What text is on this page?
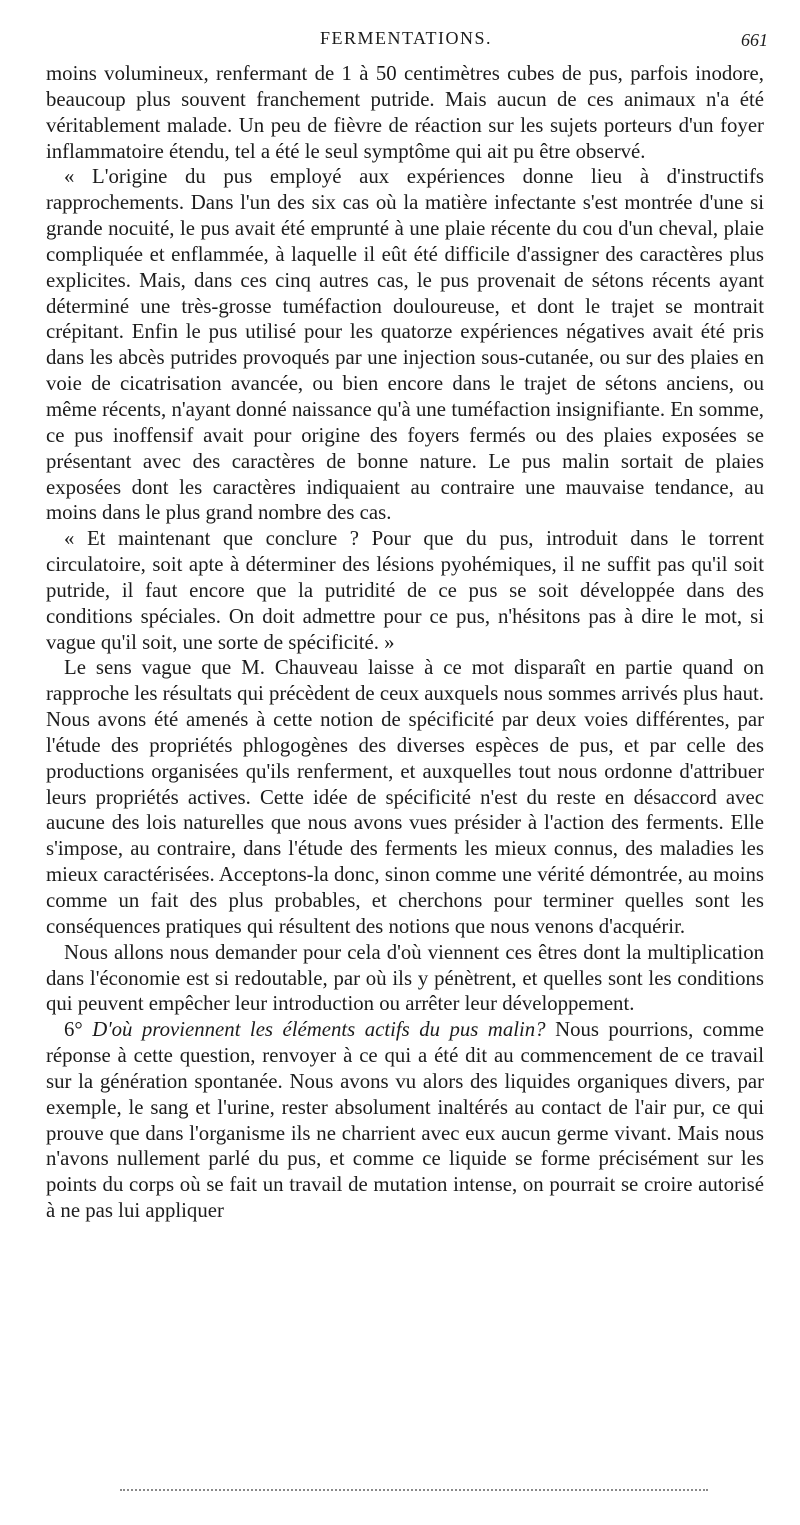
FERMENTATIONS.	661

moins volumineux, renfermant de 1 à 50 centimètres cubes de pus, parfois inodore, beaucoup plus souvent franchement putride. Mais aucun de ces animaux n'a été véritablement malade. Un peu de fièvre de réaction sur les sujets porteurs d'un foyer inflammatoire étendu, tel a été le seul symptôme qui ait pu être observé.

« L'origine du pus employé aux expériences donne lieu à d'instructifs rapprochements. Dans l'un des six cas où la matière infectante s'est montrée d'une si grande nocuité, le pus avait été emprunté à une plaie récente du cou d'un cheval, plaie compliquée et enflammée, à laquelle il eût été difficile d'assigner des caractères plus explicites. Mais, dans ces cinq autres cas, le pus provenait de sétons récents ayant déterminé une très-grosse tuméfaction douloureuse, et dont le trajet se montrait crépitant. Enfin le pus utilisé pour les quatorze expériences négatives avait été pris dans les abcès putrides provoqués par une injection sous-cutanée, ou sur des plaies en voie de cicatrisation avancée, ou bien encore dans le trajet de sétons anciens, ou même récents, n'ayant donné naissance qu'à une tuméfaction insignifiante. En somme, ce pus inoffensif avait pour origine des foyers fermés ou des plaies exposées se présentant avec des caractères de bonne nature. Le pus malin sortait de plaies exposées dont les caractères indiquaient au contraire une mauvaise tendance, au moins dans le plus grand nombre des cas.

« Et maintenant que conclure ? Pour que du pus, introduit dans le torrent circulatoire, soit apte à déterminer des lésions pyohémiques, il ne suffit pas qu'il soit putride, il faut encore que la putridité de ce pus se soit développée dans des conditions spéciales. On doit admettre pour ce pus, n'hésitons pas à dire le mot, si vague qu'il soit, une sorte de spécificité. »

Le sens vague que M. Chauveau laisse à ce mot disparaît en partie quand on rapproche les résultats qui précèdent de ceux auxquels nous sommes arrivés plus haut. Nous avons été amenés à cette notion de spécificité par deux voies différentes, par l'étude des propriétés phlogogènes des diverses espèces de pus, et par celle des productions organisées qu'ils renferment, et auxquelles tout nous ordonne d'attribuer leurs propriétés actives. Cette idée de spécificité n'est du reste en désaccord avec aucune des lois naturelles que nous avons vues présider à l'action des ferments. Elle s'impose, au contraire, dans l'étude des ferments les mieux connus, des maladies les mieux caractérisées. Acceptons-la donc, sinon comme une vérité démontrée, au moins comme un fait des plus probables, et cherchons pour terminer quelles sont les conséquences pratiques qui résultent des notions que nous venons d'acquérir.

Nous allons nous demander pour cela d'où viennent ces êtres dont la multiplication dans l'économie est si redoutable, par où ils y pénètrent, et quelles sont les conditions qui peuvent empêcher leur introduction ou arrêter leur développement.

6° D'où proviennent les éléments actifs du pus malin? Nous pourrions, comme réponse à cette question, renvoyer à ce qui a été dit au commencement de ce travail sur la génération spontanée. Nous avons vu alors des liquides organiques divers, par exemple, le sang et l'urine, rester absolument inaltérés au contact de l'air pur, ce qui prouve que dans l'organisme ils ne charrient avec eux aucun germe vivant. Mais nous n'avons nullement parlé du pus, et comme ce liquide se forme précisément sur les points du corps où se fait un travail de mutation intense, on pourrait se croire autorisé à ne pas lui appliquer
